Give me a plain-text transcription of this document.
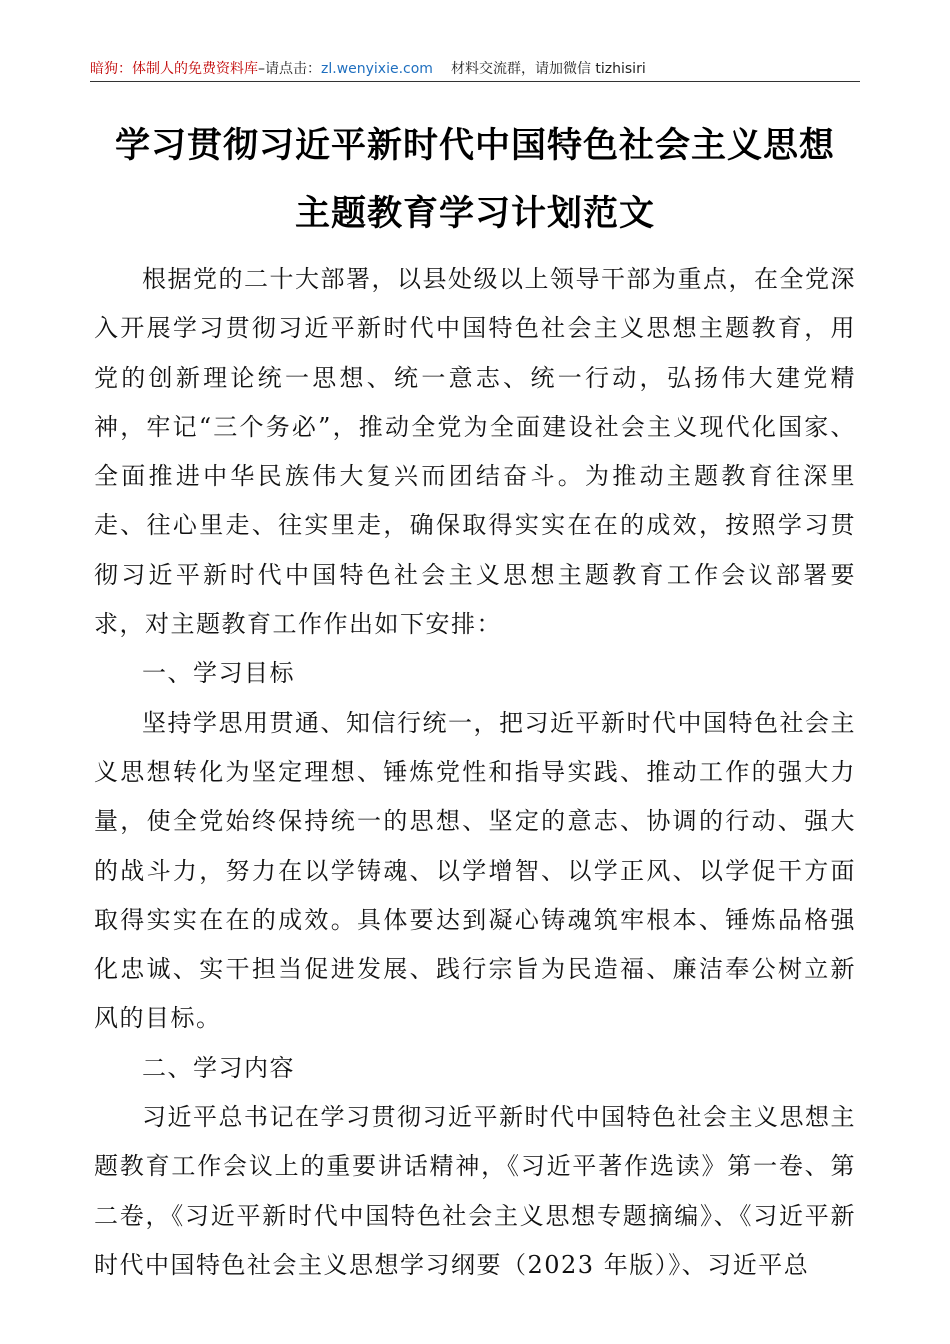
暗狗：体制人的免费资料库–请点击：zl.wenyixie.com 材料交流群，请加微信 tizhisiri
学习贯彻习近平新时代中国特色社会主义思想
主题教育学习计划范文

根据党的二十大部署，以县处级以上领导干部为重点，在全党深入开展学习贯彻习近平新时代中国特色社会主义思想主题教育，用党的创新理论统一思想、统一意志、统一行动，弘扬伟大建党精神，牢记“三个务必”，推动全党为全面建设社会主义现代化国家、全面推进中华民族伟大复兴而团结奋斗。为推动主题教育往深里走、往心里走、往实里走，确保取得实实在在的成效，按照学习贯彻习近平新时代中国特色社会主义思想主题教育工作会议部署要求，对主题教育工作作出如下安排：

一、学习目标

坚持学思用贯通、知信行统一，把习近平新时代中国特色社会主义思想转化为坚定理想、锤炼党性和指导实践、推动工作的强大力量，使全党始终保持统一的思想、坚定的意志、协调的行动、强大的战斗力，努力在以学铸魂、以学增智、以学正风、以学促干方面取得实实在在的成效。具体要达到凝心铸魂筑牢根本、锤炼品格强化忠诚、实干担当促进发展、践行宗旨为民造福、廉洁奉公树立新风的目标。

二、学习内容

习近平总书记在学习贯彻习近平新时代中国特色社会主义思想主题教育工作会议上的重要讲话精神，《习近平著作选读》第一卷、第二卷，《习近平新时代中国特色社会主义思想专题摘编》、《习近平新时代中国特色社会主义思想学习纲要（2023 年版）》、习近平总
